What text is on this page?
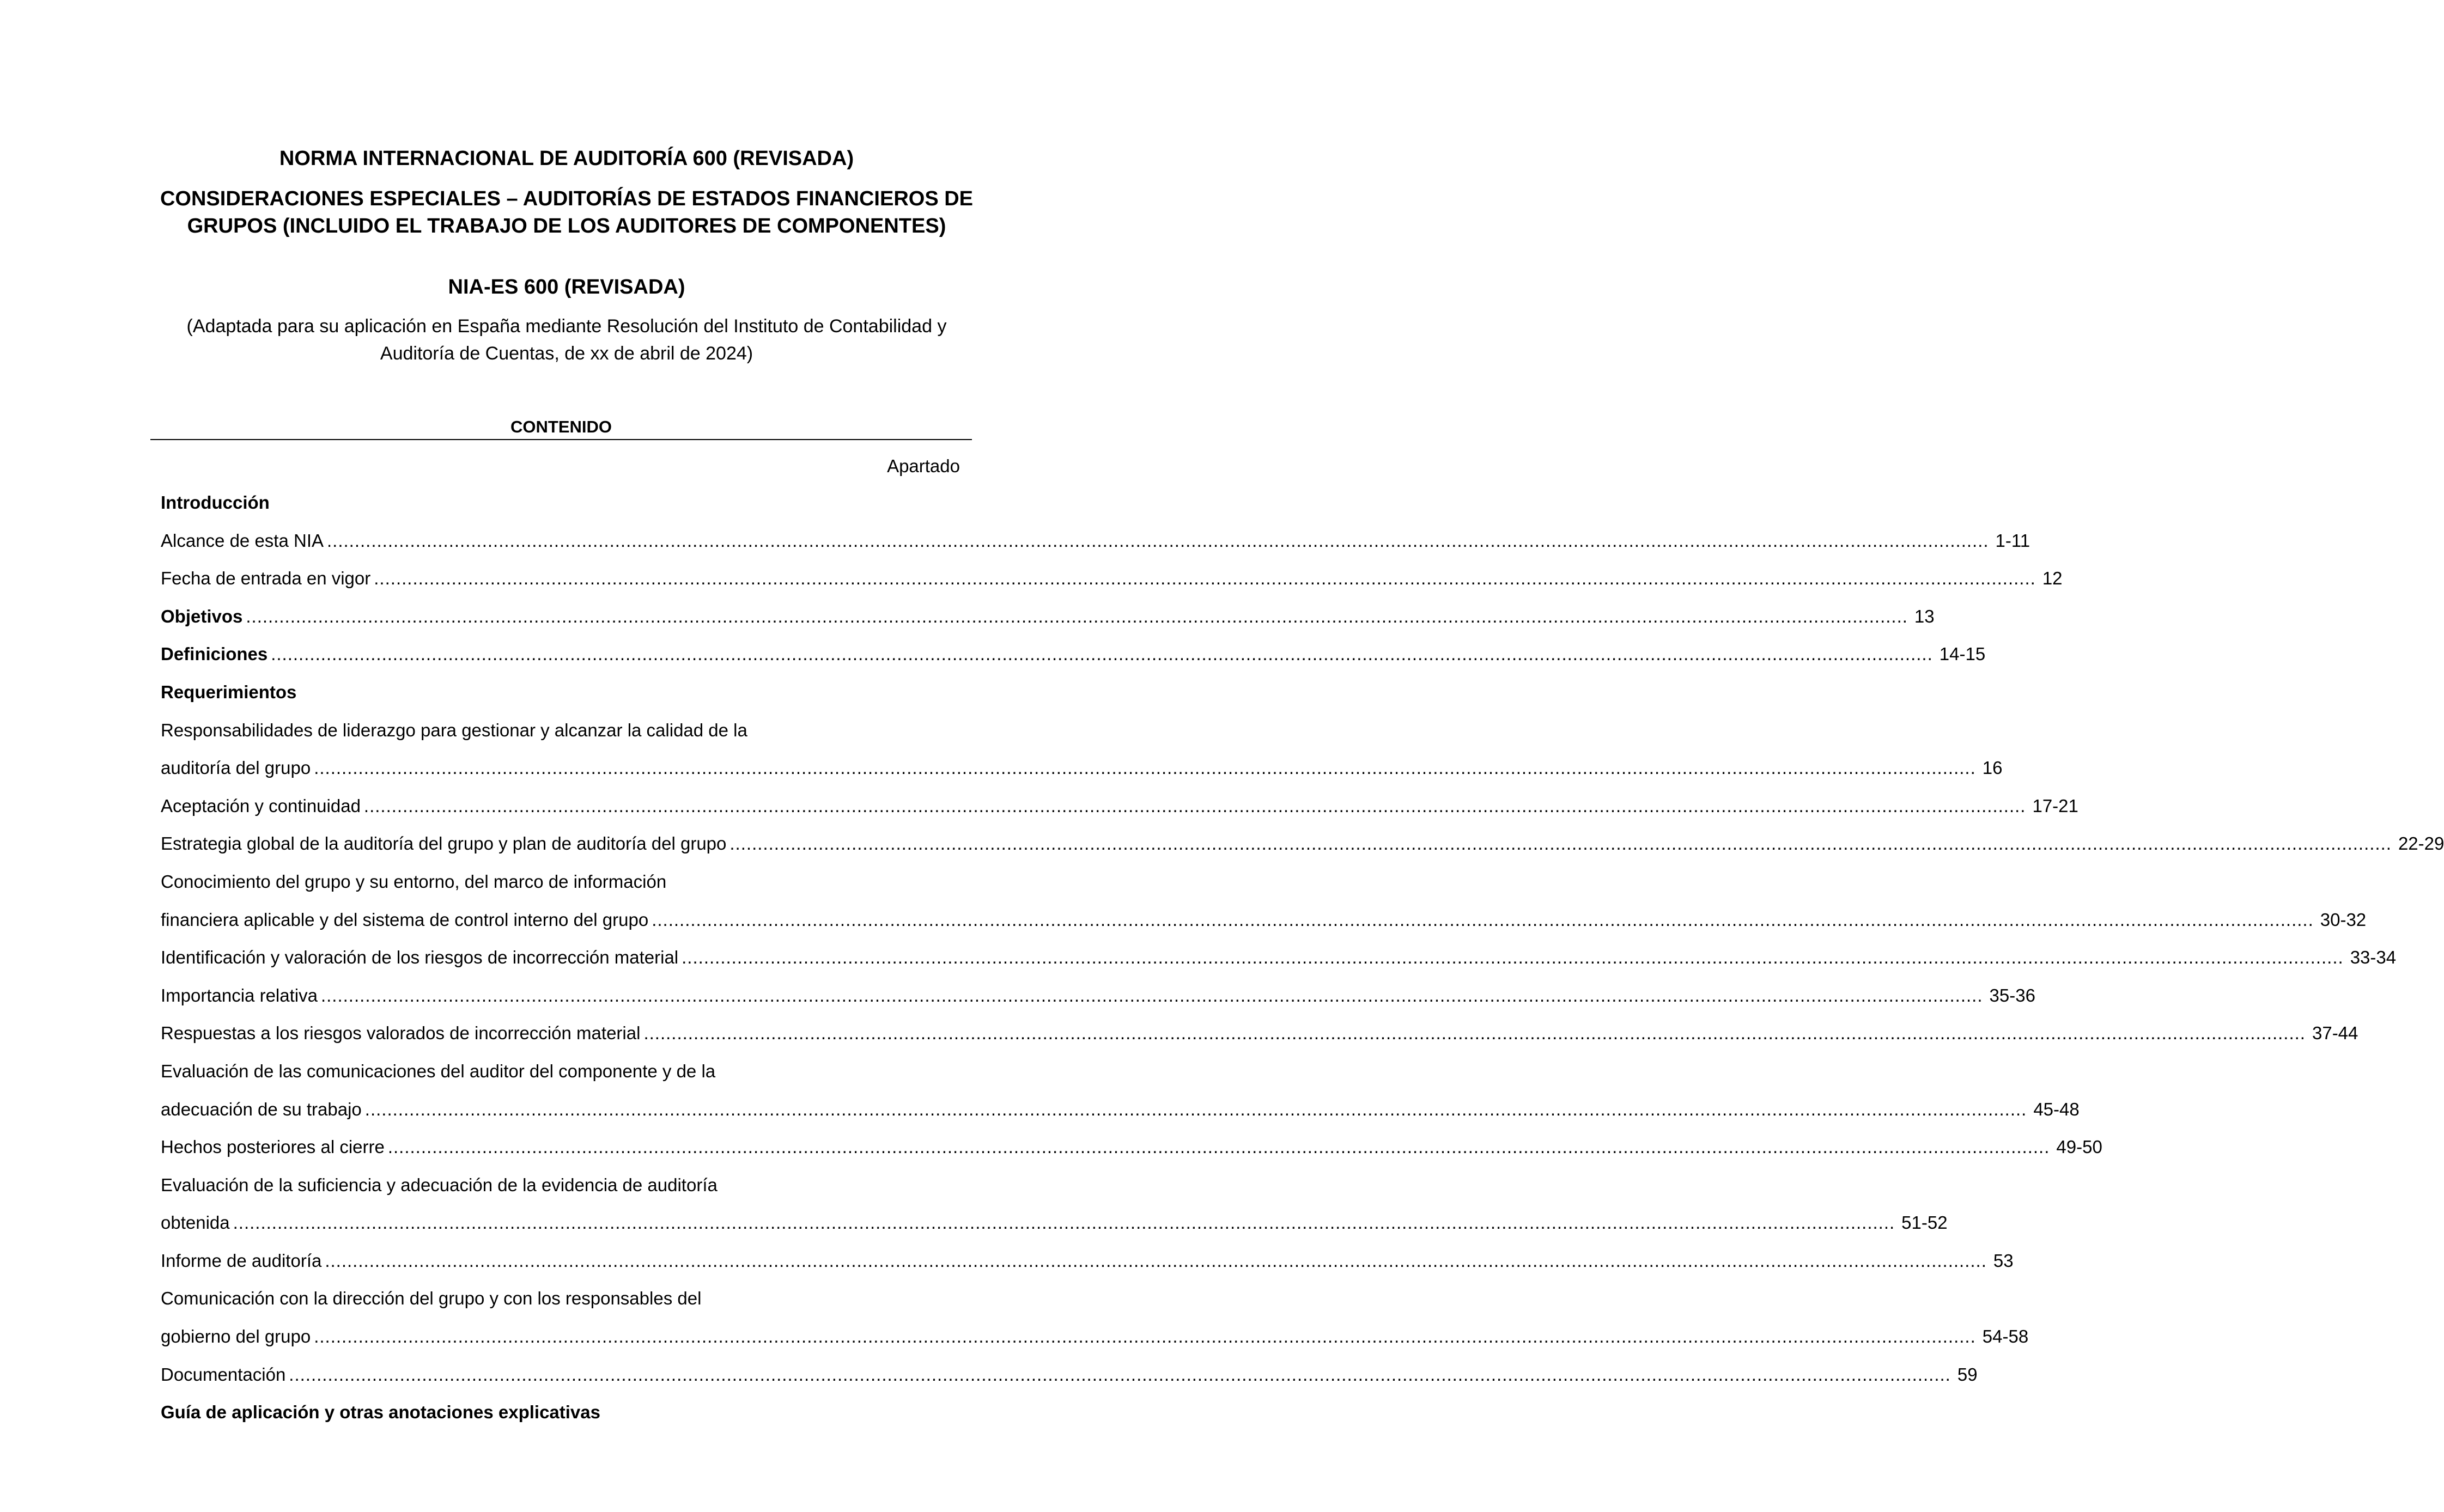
NORMA INTERNACIONAL DE AUDITORÍA 600 (REVISADA)
CONSIDERACIONES ESPECIALES – AUDITORÍAS DE ESTADOS FINANCIEROS DE GRUPOS (INCLUIDO EL TRABAJO DE LOS AUDITORES DE COMPONENTES)
NIA-ES 600 (REVISADA)
(Adaptada para su aplicación en España mediante Resolución del Instituto de Contabilidad y Auditoría de Cuentas, de xx de abril de 2024)
CONTENIDO
Apartado
Introducción
Alcance de esta NIA ............................................................................................................................................................................................................................................................................................................ 1-11
Fecha de entrada en vigor ............................................................................................................................................................................................................................................................................................................ 12
Objetivos ............................................................................................................................................................................................................................................................................................................ 13
Definiciones ............................................................................................................................................................................................................................................................................................................ 14-15
Requerimientos
Responsabilidades de liderazgo para gestionar y alcanzar la calidad de la
auditoría del grupo ............................................................................................................................................................................................................................................................................................................ 16
Aceptación y continuidad ............................................................................................................................................................................................................................................................................................................ 17-21
Estrategia global de la auditoría del grupo y plan de auditoría del grupo ............................................................................................................................................................................................................................................................................................................ 22-29
Conocimiento del grupo y su entorno, del marco de información
financiera aplicable y del sistema de control interno del grupo ............................................................................................................................................................................................................................................................................................................ 30-32
Identificación y valoración de los riesgos de incorrección material ............................................................................................................................................................................................................................................................................................................ 33-34
Importancia relativa ............................................................................................................................................................................................................................................................................................................ 35-36
Respuestas a los riesgos valorados de incorrección material ............................................................................................................................................................................................................................................................................................................ 37-44
Evaluación de las comunicaciones del auditor del componente y de la
adecuación de su trabajo ............................................................................................................................................................................................................................................................................................................ 45-48
Hechos posteriores al cierre ............................................................................................................................................................................................................................................................................................................ 49-50
Evaluación de la suficiencia y adecuación de la evidencia de auditoría
obtenida ............................................................................................................................................................................................................................................................................................................ 51-52
Informe de auditoría ............................................................................................................................................................................................................................................................................................................ 53
Comunicación con la dirección del grupo y con los responsables del
gobierno del grupo ............................................................................................................................................................................................................................................................................................................ 54-58
Documentación ............................................................................................................................................................................................................................................................................................................ 59
Guía de aplicación y otras anotaciones explicativas
